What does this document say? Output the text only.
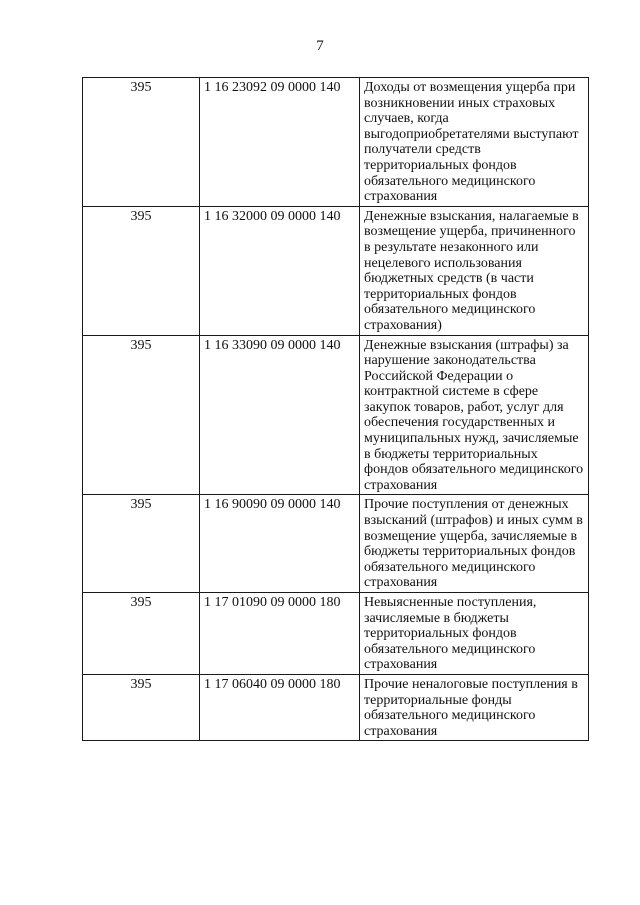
7
395	1 16 23092 09 0000 140	Доходы от возмещения ущерба при возникновении иных страховых случаев, когда выгодоприобретателями выступают получатели средств территориальных фондов обязательного медицинского страхования
395	1 16 32000 09 0000 140	Денежные взыскания, налагаемые в возмещение ущерба, причиненного в результате незаконного или нецелевого использования бюджетных средств (в части территориальных фондов обязательного медицинского страхования)
395	1 16 33090 09 0000 140	Денежные взыскания (штрафы) за нарушение законодательства Российской Федерации о контрактной системе в сфере закупок товаров, работ, услуг для обеспечения государственных и муниципальных нужд, зачисляемые в бюджеты территориальных фондов обязательного медицинского страхования
395	1 16 90090 09 0000 140	Прочие поступления от денежных взысканий (штрафов) и иных сумм в возмещение ущерба, зачисляемые в бюджеты территориальных фондов обязательного медицинского страхования
395	1 17 01090 09 0000 180	Невыясненные поступления, зачисляемые в бюджеты территориальных фондов обязательного медицинского страхования
395	1 17 06040 09 0000 180	Прочие неналоговые поступления в территориальные фонды обязательного медицинского страхования
